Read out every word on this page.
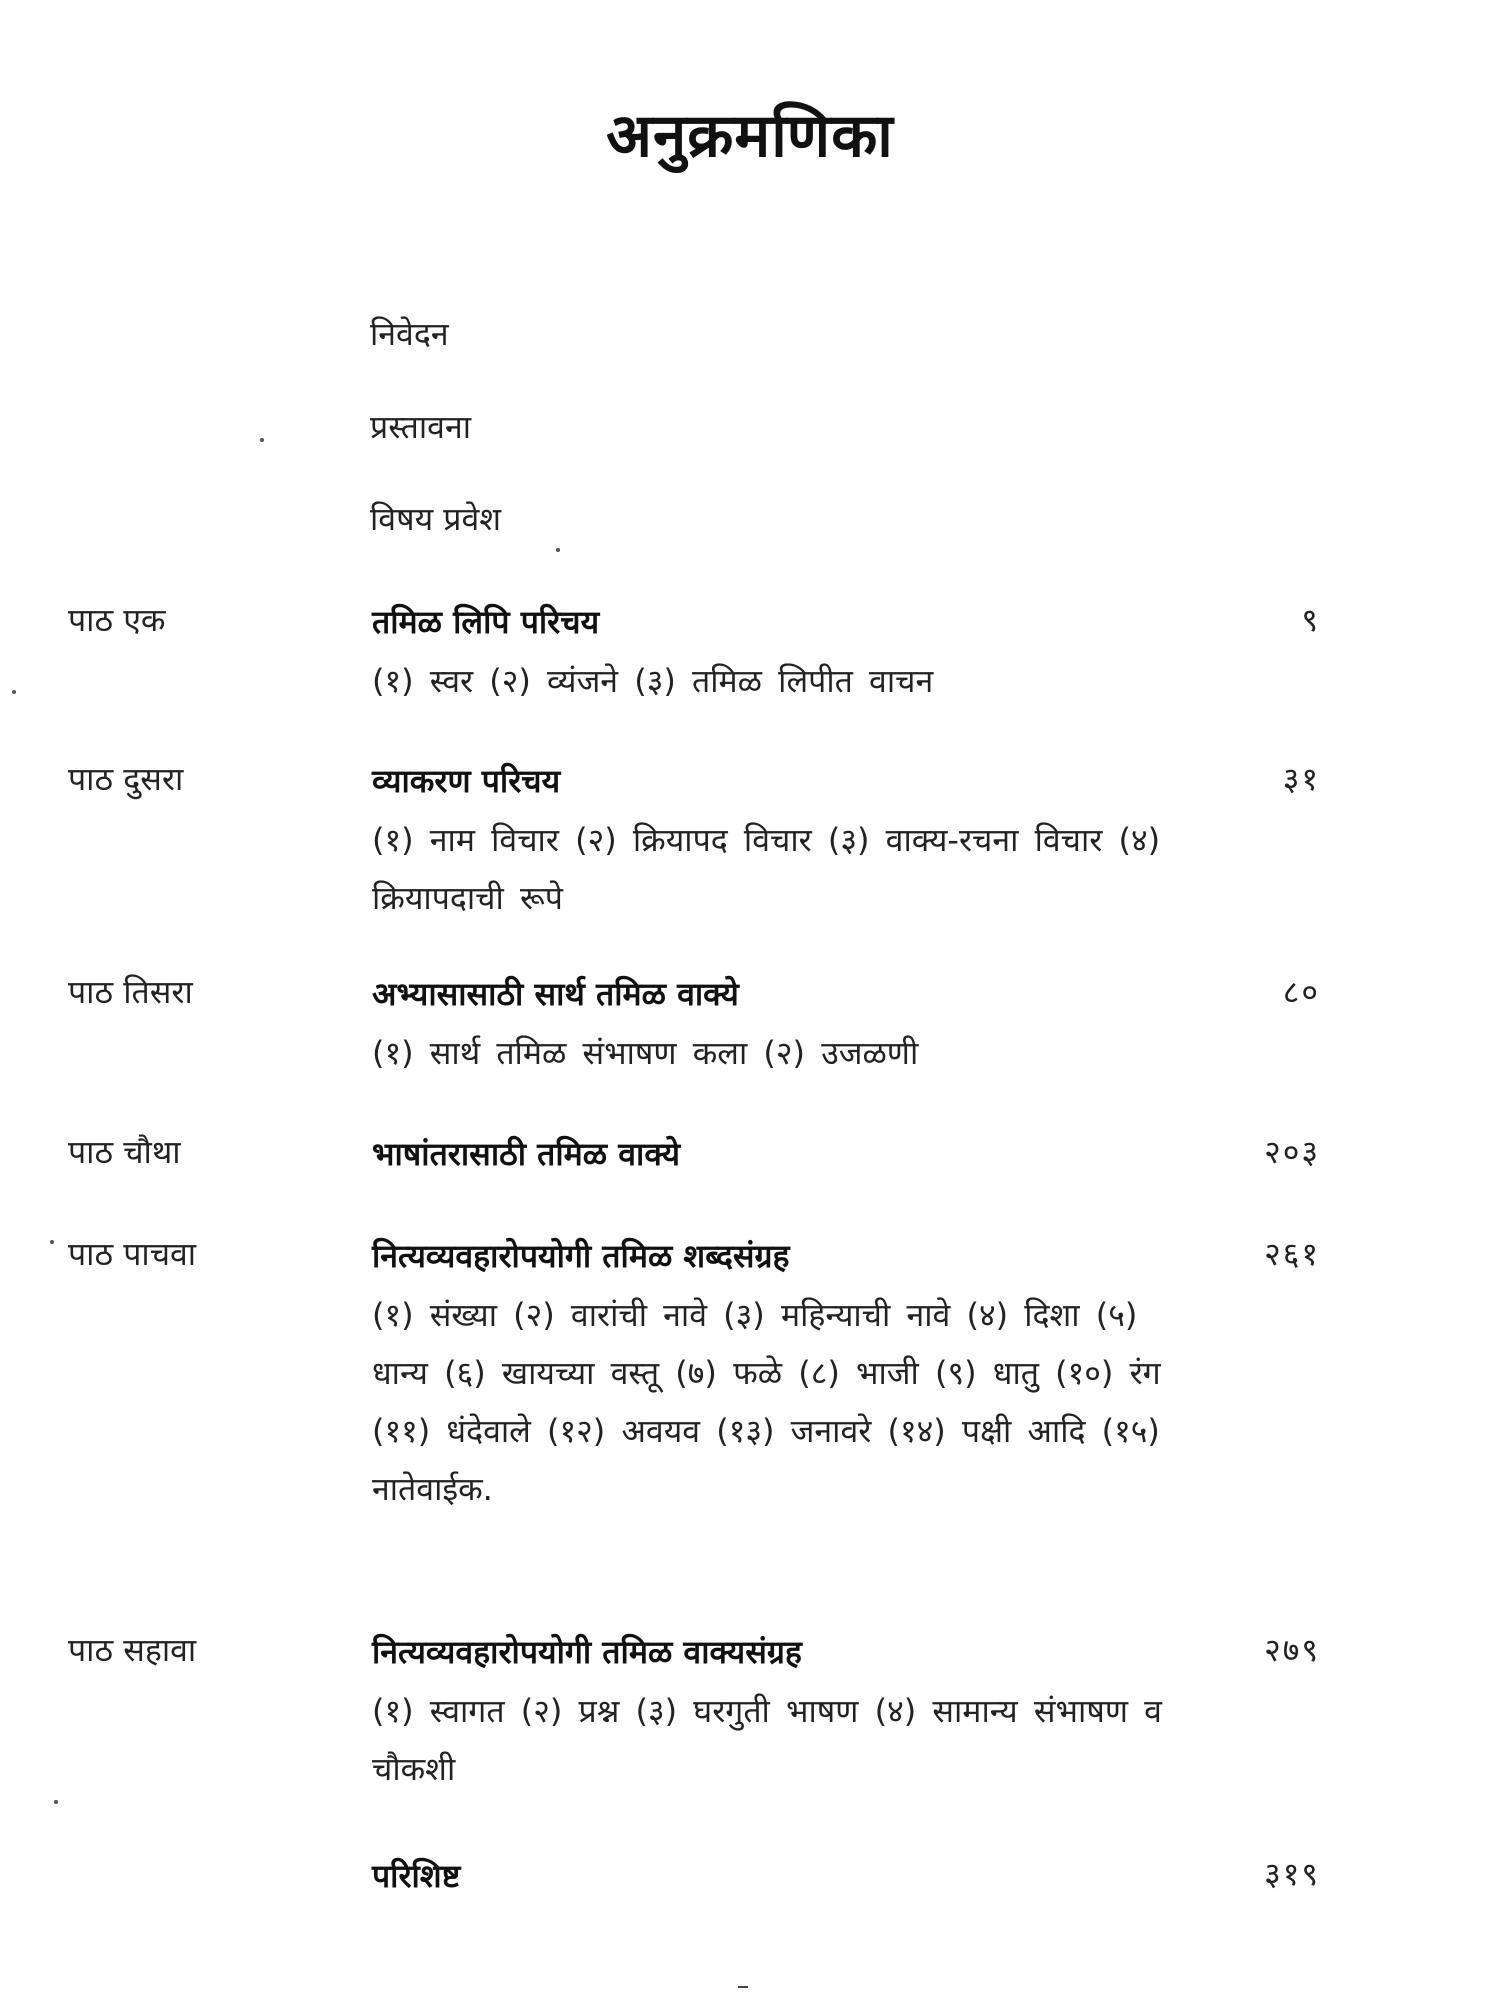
अनुक्रमणिका
निवेदन
प्रस्तावना
विषय प्रवेश
पाठ एक	तमिळ लिपि परिचय
(१) स्वर (२) व्यंजने (३) तमिळ लिपीत वाचन
९
पाठ दुसरा	व्याकरण परिचय
(१) नाम विचार (२) क्रियापद विचार (३) वाक्य-रचना विचार (४) क्रियापदाची रूपे
३१
पाठ तिसरा	अभ्यासासाठी सार्थ तमिळ वाक्ये
(१) सार्थ तमिळ संभाषण कला (२) उजळणी
८०
पाठ चौथा	भाषांतरासाठी तमिळ वाक्ये	२०३
पाठ पाचवा	नित्यव्यवहारोपयोगी तमिळ शब्दसंग्रह
(१) संख्या (२) वारांची नावे (३) महिन्याची नावे (४) दिशा (५) धान्य (६) खायच्या वस्तू (७) फळे (८) भाजी (९) धातु (१०) रंग (११) धंदेवाले (१२) अवयव (१३) जनावरे (१४) पक्षी आदि (१५) नातेवाईक.
२६१
पाठ सहावा	नित्यव्यवहारोपयोगी तमिळ वाक्यसंग्रह
(१) स्वागत (२) प्रश्न (३) घरगुती भाषण (४) सामान्य संभाषण व चौकशी
२७९
परिशिष्ट	३१९
